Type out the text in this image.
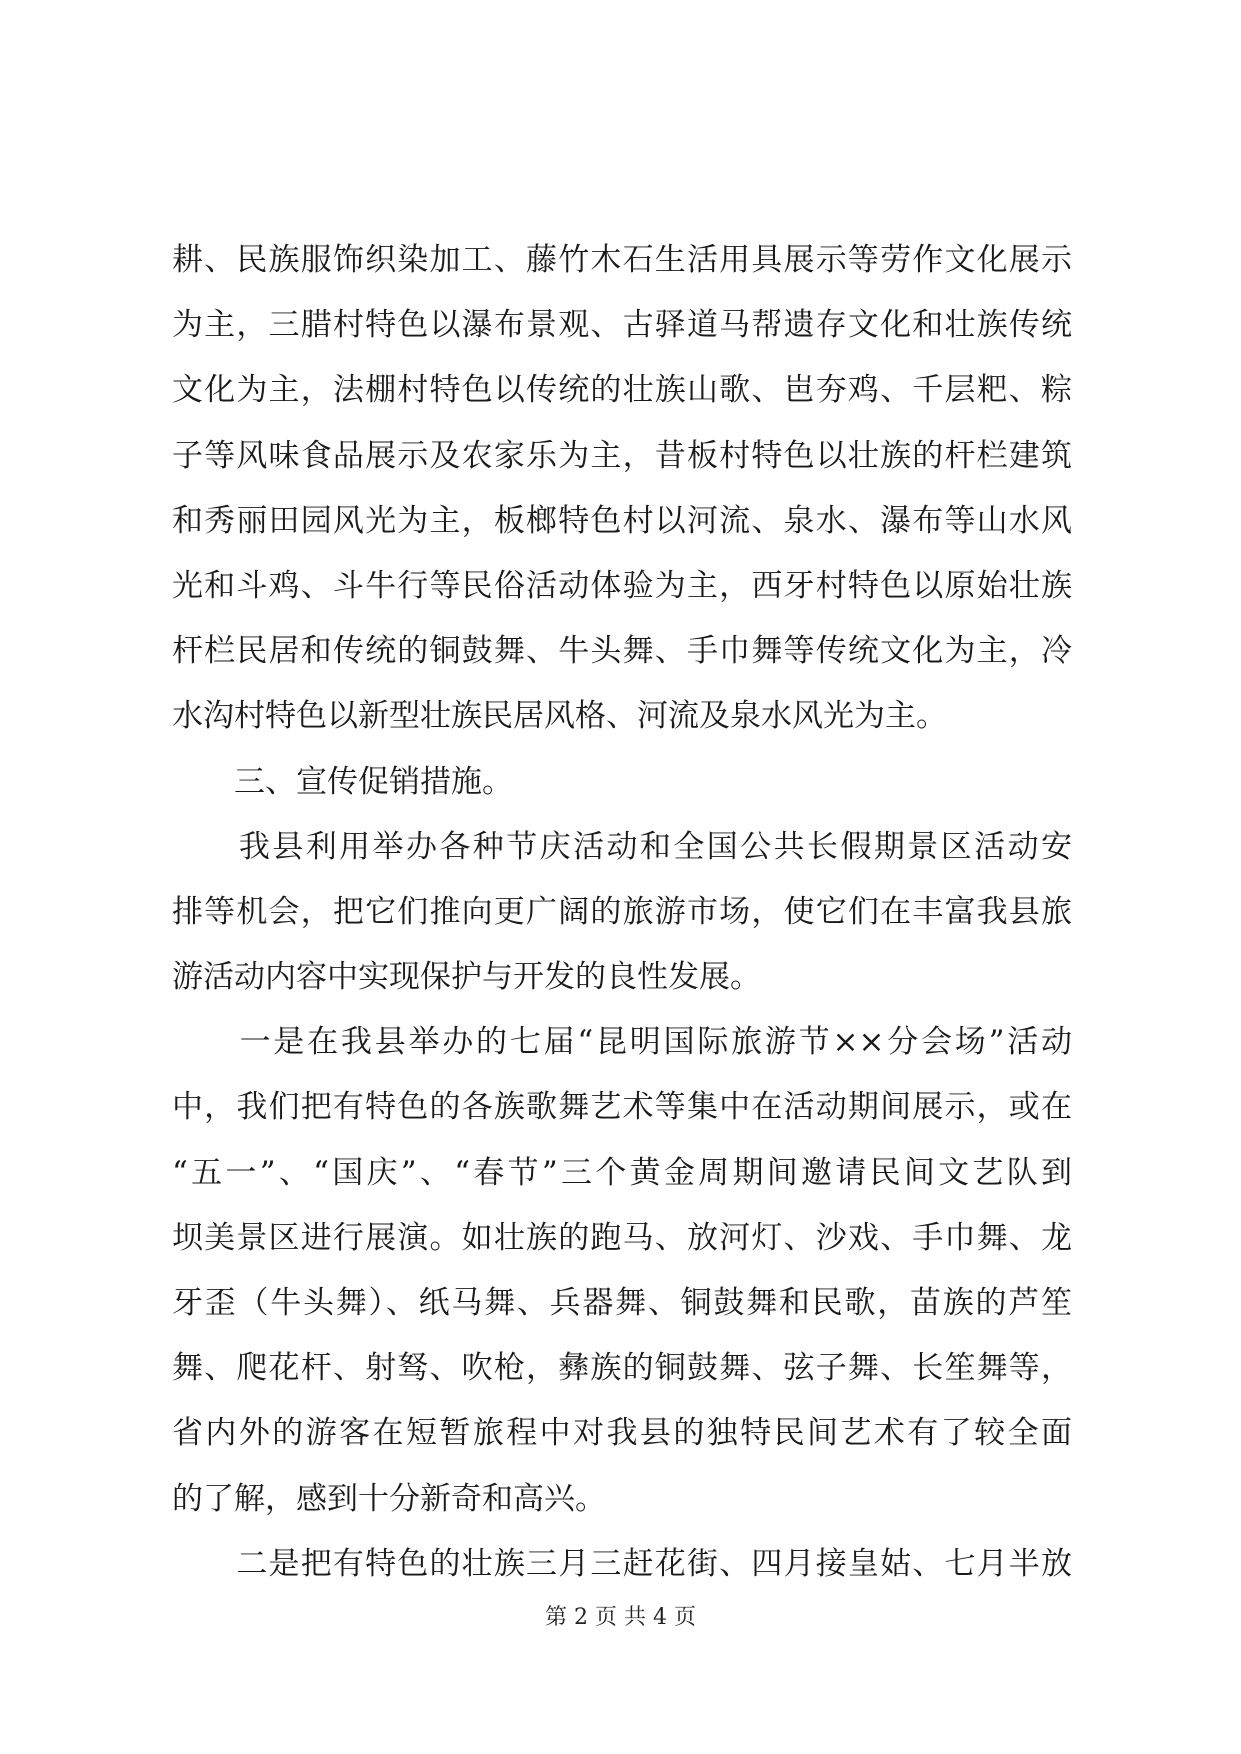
耕、民族服饰织染加工、藤竹木石生活用具展示等劳作文化展示
为主，三腊村特色以瀑布景观、古驿道马帮遗存文化和壮族传统
文化为主，法棚村特色以传统的壮族山歌、岜夯鸡、千层粑、粽
子等风味食品展示及农家乐为主，昔板村特色以壮族的杆栏建筑
和秀丽田园风光为主，板榔特色村以河流、泉水、瀑布等山水风
光和斗鸡、斗牛行等民俗活动体验为主，西牙村特色以原始壮族
杆栏民居和传统的铜鼓舞、牛头舞、手巾舞等传统文化为主，冷
水沟村特色以新型壮族民居风格、河流及泉水风光为主。
　　三、宣传促销措施。
　　我县利用举办各种节庆活动和全国公共长假期景区活动安
排等机会，把它们推向更广阔的旅游市场，使它们在丰富我县旅
游活动内容中实现保护与开发的良性发展。
　　一是在我县举办的七届“昆明国际旅游节××分会场”活动
中，我们把有特色的各族歌舞艺术等集中在活动期间展示，或在
“五一”、“国庆”、“春节”三个黄金周期间邀请民间文艺队到
坝美景区进行展演。如壮族的跑马、放河灯、沙戏、手巾舞、龙
牙歪（牛头舞）、纸马舞、兵器舞、铜鼓舞和民歌，苗族的芦笙
舞、爬花杆、射驽、吹枪，彝族的铜鼓舞、弦子舞、长笙舞等，
省内外的游客在短暂旅程中对我县的独特民间艺术有了较全面
的了解，感到十分新奇和高兴。
　　二是把有特色的壮族三月三赶花街、四月接皇姑、七月半放
第 2 页 共 4 页
